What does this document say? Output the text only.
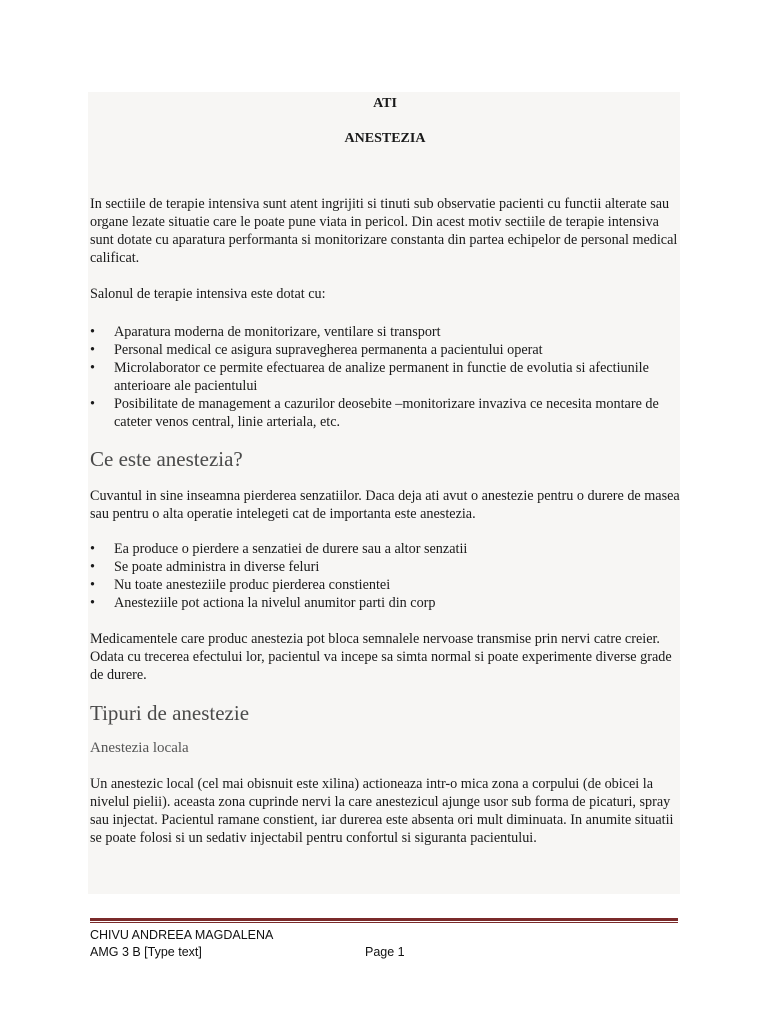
ATI

ANESTEZIA

In sectiile de terapie intensiva sunt atent ingrijiti si tinuti sub observatie pacienti cu functii alterate sau organe lezate situatie care le poate pune viata in pericol. Din acest motiv sectiile de terapie intensiva sunt dotate cu aparatura performanta si monitorizare constanta din partea echipelor de personal medical calificat.

Salonul de terapie intensiva este dotat cu:

• Aparatura moderna de monitorizare, ventilare si transport
• Personal medical ce asigura supravegherea permanenta a pacientului operat
• Microlaborator ce permite efectuarea de analize permanent in functie de evolutia si afectiunile anterioare ale pacientului
• Posibilitate de management a cazurilor deosebite –monitorizare invaziva ce necesita montare de cateter venos central, linie arteriala, etc.
Ce este anestezia?

Cuvantul in sine inseamna pierderea senzatiilor. Daca deja ati avut o anestezie pentru o durere de masea sau pentru o alta operatie intelegeti cat de importanta este anestezia.

• Ea produce o pierdere a senzatiei de durere sau a altor senzatii
• Se poate administra in diverse feluri
• Nu toate anesteziile produc pierderea constientei
• Anesteziile pot actiona la nivelul anumitor parti din corp

Medicamentele care produc anestezia pot bloca semnalele nervoase transmise prin nervi catre creier. Odata cu trecerea efectului lor, pacientul va incepe sa simta normal si poate experimente diverse grade de durere.

Tipuri de anestezie
Anestezia locala

Un anestezic local (cel mai obisnuit este xilina) actioneaza intr-o mica zona a corpului (de obicei la nivelul pielii). aceasta zona cuprinde nervi la care anestezicul ajunge usor sub forma de picaturi, spray sau injectat. Pacientul ramane constient, iar durerea este absenta ori mult diminuata. In anumite situatii se poate folosi si un sedativ injectabil pentru confortul si siguranta pacientului.

CHIVU ANDREEA MAGDALENA
AMG 3 B [Type text]	Page 1
